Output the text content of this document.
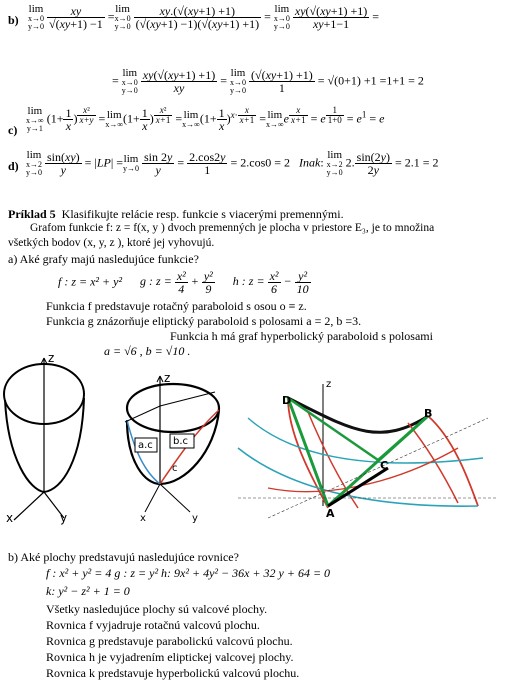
b)
lim
x→0
y→0
$\frac{xy}{√(xy+1) -1} =\lim$
x→0
y→0
$\frac{xy.(√(xy+1) +1)}{(√(xy+1) -1)(√(xy+1) +1)} = \lim$
x→0
y→0
$\frac{xy(√(xy+1) +1)}{xy+1-1}$ =
= lim
x→0
y→0
$\frac{xy(√(xy+1) +1)}{xy} = \lim$
x→0
y→0
$\frac{(√(xy+1) +1)}{1} = √(0+1) +1 =1+1 = 2$
c)
lim
x→∞
y→1
($1+ \frac{1}{x}$ ) $^{\frac{\text{x²}}{x+y}}$ = lim
x→∞ ($1+ \frac{1}{x}$ ) $^{\frac{\text{x²}}{x+1}}$ = lim
x→∞ $(1+ \frac{1}{x} )^{x\cdot \frac{x}{x+1}} = \lim$
x→∞ e $^{\frac{x}{x+1}}$ = e $^{\frac{1}{1+0}} = e^1 = e$
d)
lim
x→2
y→0
$\frac{\sin(xy)}{y} = |LP| =\lim$
y→0
$\frac{\sin 2y}{y} = \frac{2.\cos 2y}{1} = 2.\cos 0 = 2$   Inak: lim
x→2
y→0
2. $\frac{\sin(2y)}{2y} = 2.1 = 2$
Príklad 5 Klasifikujte relácie resp. funkcie s viacerými premennými.
Grafom funkcie f: z = f(x, y ) dvoch premenných je plocha v priestore E₃, je to množina
všetkých bodov (x, y, z ), ktoré jej vyhovujú.
a) Aké grafy majú nasledujúce funkcie?
f : z = x² + y² g : $z = \frac{\text{x²}}{4} + \frac{\text{y²}}{9}$ h : $z = \frac{\text{x²}}{6} - \frac{\text{y²}}{10}$
Funkcia f predstavuje rotačný paraboloid s osou o ≡ z.
Funkcia g znázorňuje eliptický paraboloid s polosami a = 2, b =3.
Funkcia h má graf hyperbolický paraboloid s polosami
a = √6 , b = √10 .
z
x	y
z
a.c b.c
c
x	y
D
B
C
A
z
b) Aké plochy predstavujú nasledujúce rovnice?
f : x² + y² = 4 g : z = y² h: 9x² + 4y² − 36x + 32 y + 64 = 0
k: y² − z² + 1 = 0
Všetky nasledujúce plochy sú valcové plochy.
Rovnica f vyjadruje rotačnú valcovú plochu.
Rovnica g predstavuje parabolickú valcovú plochu.
Rovnica h je vyjadrením eliptickej valcovej plochy.
Rovnica k predstavuje hyperbolickú valcovú plochu.
